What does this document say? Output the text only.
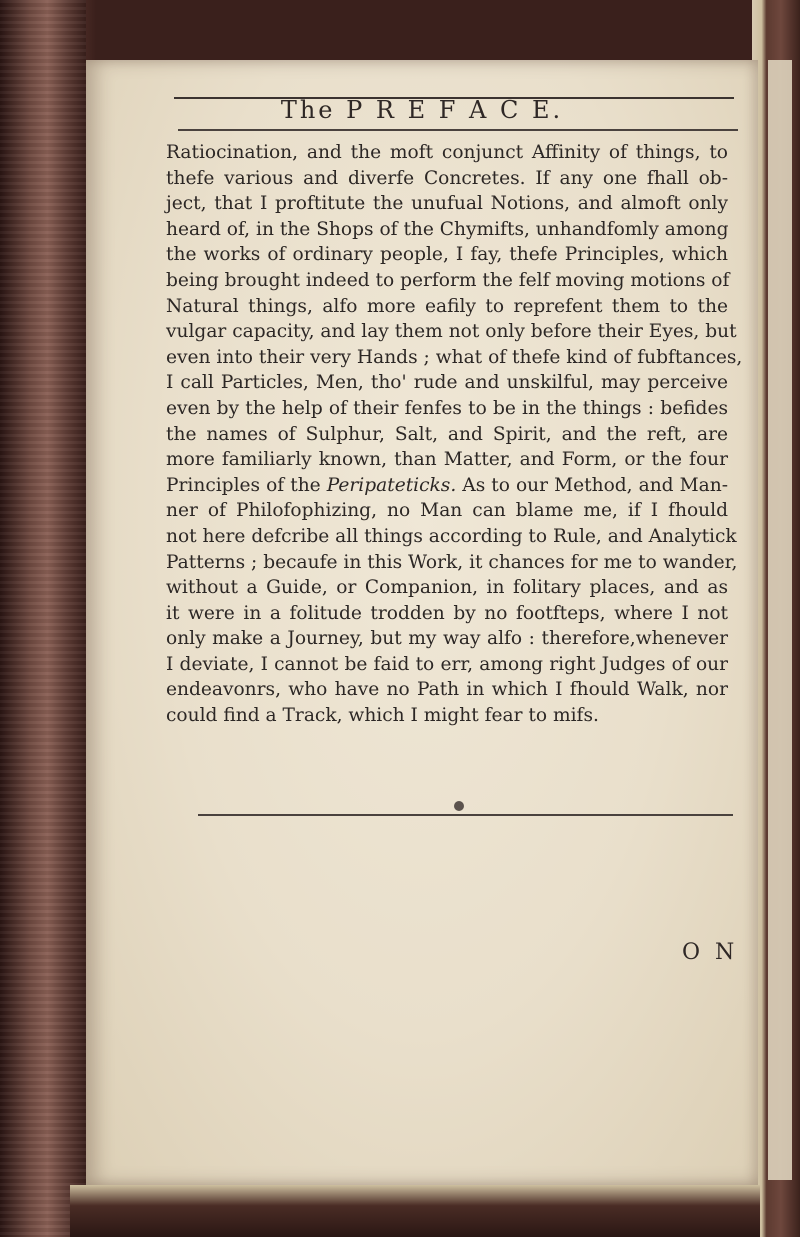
The P R E F A C E.

Ratiocination, and the moft conjunct Affinity of things, to
thefe various and diverfe Concretes. If any one fhall ob-
ject, that I proftitute the unufual Notions, and almoft only
heard of, in the Shops of the Chymifts, unhandfomly among
the works of ordinary people, I fay, thefe Principles, which
being brought indeed to perform the felf moving motions of
Natural things, alfo more eafily to reprefent them to the
vulgar capacity, and lay them not only before their Eyes, but
even into their very Hands ; what of thefe kind of fubftances,
I call Particles, Men, tho' rude and unskilful, may perceive
even by the help of their fenfes to be in the things : befides
the names of Sulphur, Salt, and Spirit, and the reft, are
more familiarly known, than Matter, and Form, or the four
Principles of the Peripateticks. As to our Method, and Man-
ner of Philofophizing, no Man can blame me, if I fhould
not here defcribe all things according to Rule, and Analytick
Patterns ; becaufe in this Work, it chances for me to wander,
without a Guide, or Companion, in folitary places, and as
it were in a folitude trodden by no footfteps, where I not
only make a Journey, but my way alfo : therefore,whenever
I deviate, I cannot be faid to err, among right Judges of our
endeavonrs, who have no Path in which I fhould Walk, nor
could find a Track, which I might fear to mifs.

O N
